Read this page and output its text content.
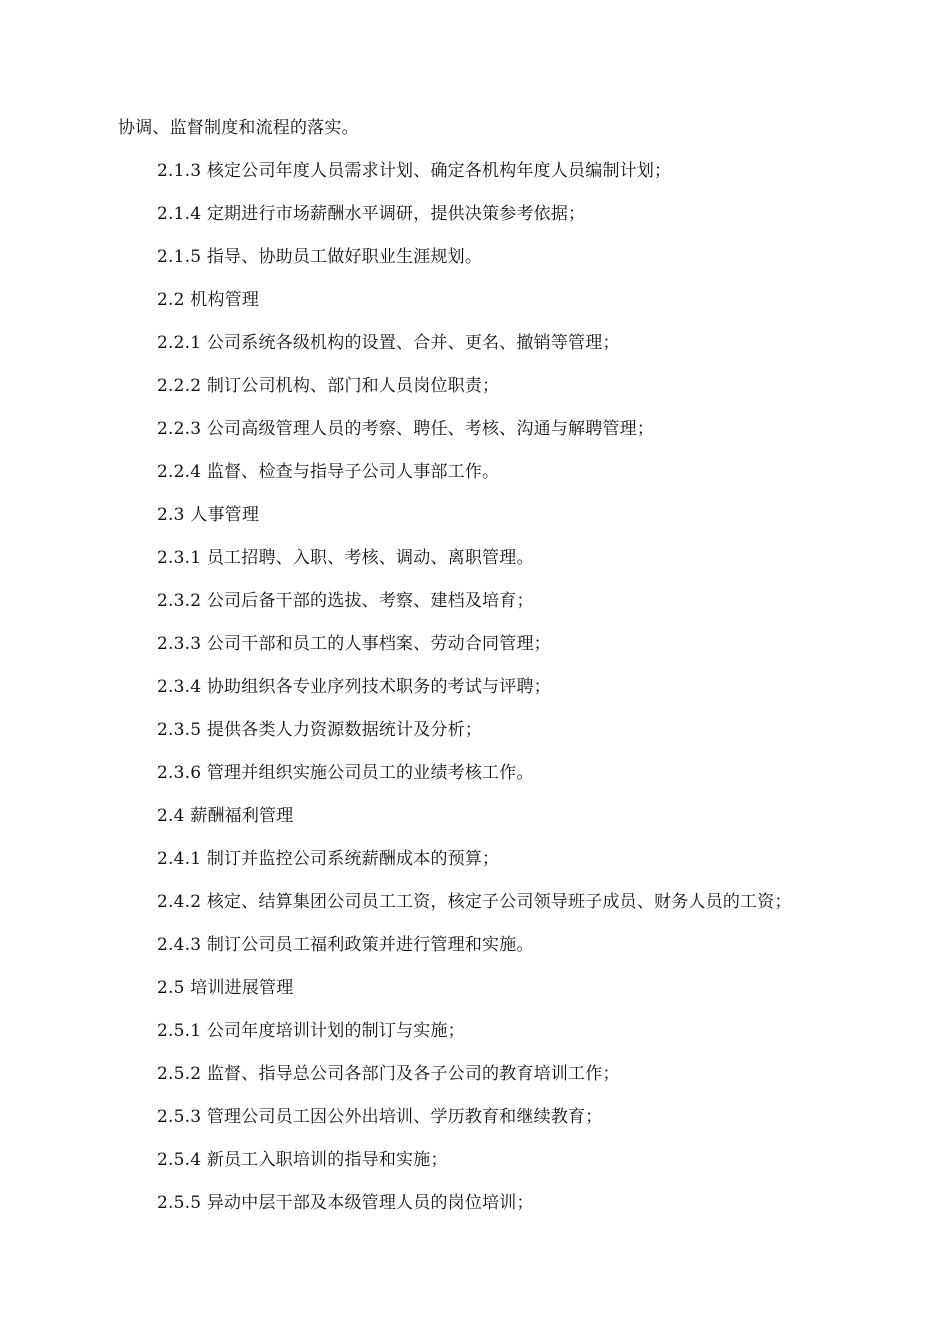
协调、监督制度和流程的落实。
2.1.3 核定公司年度人员需求计划、确定各机构年度人员编制计划；
2.1.4 定期进行市场薪酬水平调研，提供决策参考依据；
2.1.5 指导、协助员工做好职业生涯规划。
2.2 机构管理
2.2.1 公司系统各级机构的设置、合并、更名、撤销等管理；
2.2.2 制订公司机构、部门和人员岗位职责；
2.2.3 公司高级管理人员的考察、聘任、考核、沟通与解聘管理；
2.2.4 监督、检查与指导子公司人事部工作。
2.3 人事管理
2.3.1 员工招聘、入职、考核、调动、离职管理。
2.3.2 公司后备干部的选拔、考察、建档及培育；
2.3.3 公司干部和员工的人事档案、劳动合同管理；
2.3.4 协助组织各专业序列技术职务的考试与评聘；
2.3.5 提供各类人力资源数据统计及分析；
2.3.6 管理并组织实施公司员工的业绩考核工作。
2.4 薪酬福利管理
2.4.1 制订并监控公司系统薪酬成本的预算；
2.4.2 核定、结算集团公司员工工资，核定子公司领导班子成员、财务人员的工资；
2.4.3 制订公司员工福利政策并进行管理和实施。
2.5 培训进展管理
2.5.1 公司年度培训计划的制订与实施；
2.5.2 监督、指导总公司各部门及各子公司的教育培训工作；
2.5.3 管理公司员工因公外出培训、学历教育和继续教育；
2.5.4 新员工入职培训的指导和实施；
2.5.5 异动中层干部及本级管理人员的岗位培训；
